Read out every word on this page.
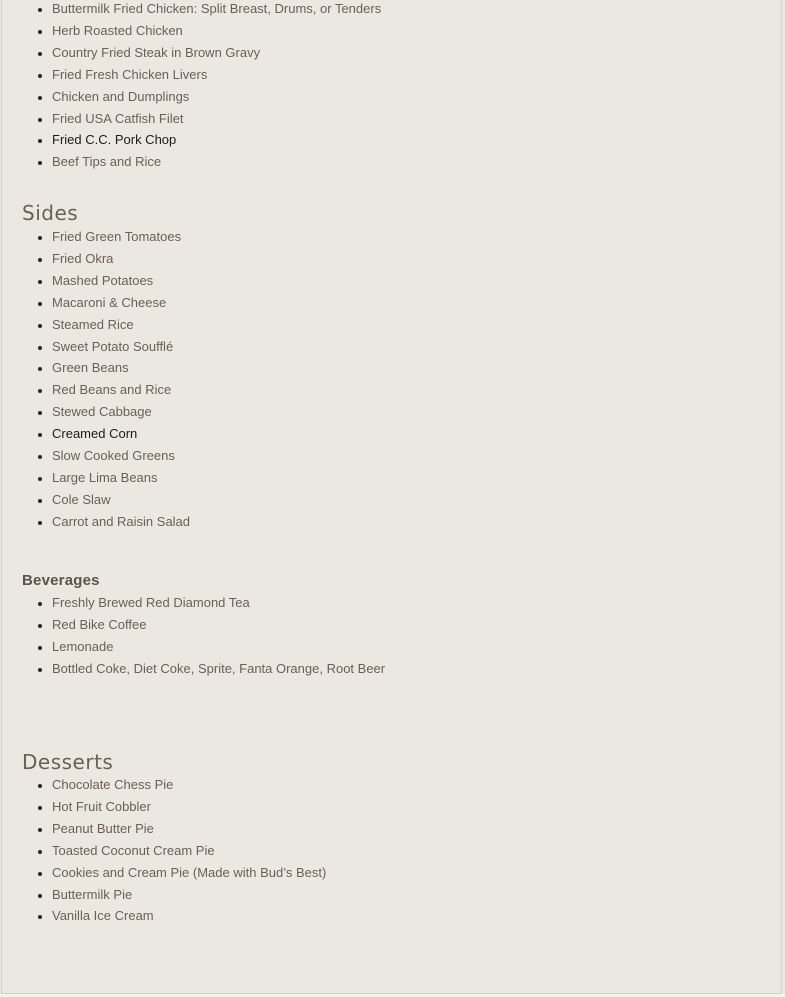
• Buttermilk Fried Chicken: Split Breast, Drums, or Tenders
• Herb Roasted Chicken
• Country Fried Steak in Brown Gravy
• Fried Fresh Chicken Livers
• Chicken and Dumplings
• Fried USA Catfish Filet
• Fried C.C. Pork Chop
• Beef Tips and Rice
Sides
• Fried Green Tomatoes
• Fried Okra
• Mashed Potatoes
• Macaroni & Cheese
• Steamed Rice
• Sweet Potato Soufflé
• Green Beans
• Red Beans and Rice
• Stewed Cabbage
• Creamed Corn
• Slow Cooked Greens
• Large Lima Beans
• Cole Slaw
• Carrot and Raisin Salad
Beverages
• Freshly Brewed Red Diamond Tea
• Red Bike Coffee
• Lemonade
• Bottled Coke, Diet Coke, Sprite, Fanta Orange, Root Beer
Desserts
• Chocolate Chess Pie
• Hot Fruit Cobbler
• Peanut Butter Pie
• Toasted Coconut Cream Pie
• Cookies and Cream Pie (Made with Bud’s Best)
• Buttermilk Pie
• Vanilla Ice Cream
